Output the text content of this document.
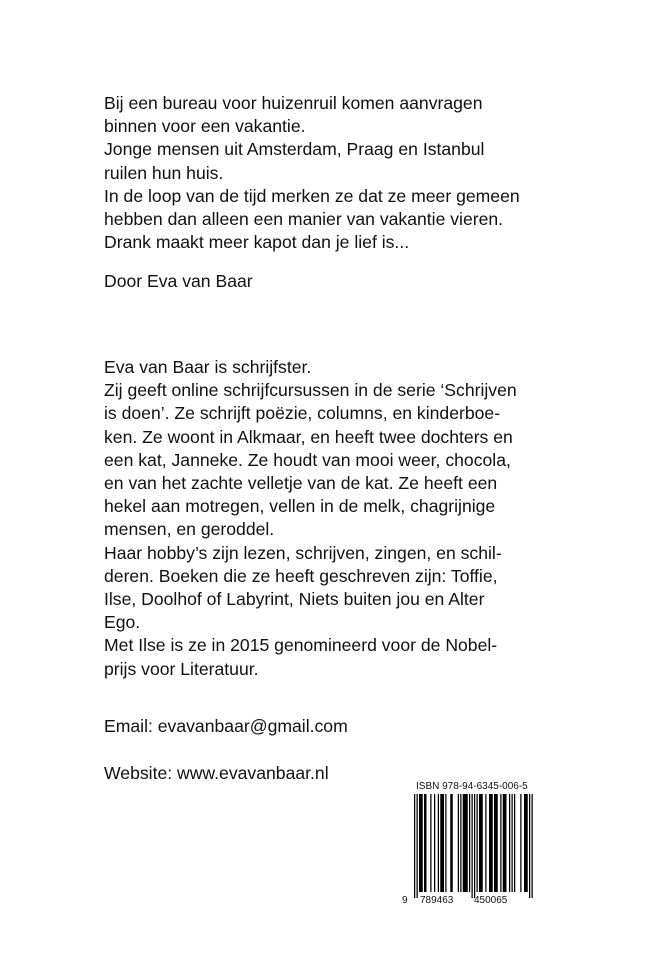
Bij een bureau voor huizenruil komen aanvragen
binnen voor een vakantie.
Jonge mensen uit Amsterdam, Praag en Istanbul
ruilen hun huis.
In de loop van de tijd merken ze dat ze meer gemeen
hebben dan alleen een manier van vakantie vieren.
Drank maakt meer kapot dan je lief is...
Door Eva van Baar
Eva van Baar is schrijfster.
Zij geeft online schrijfcursussen in de serie ‘Schrijven
is doen’. Ze schrijft poëzie, columns, en kinderboe-
ken. Ze woont in Alkmaar, en heeft twee dochters en
een kat, Janneke. Ze houdt van mooi weer, chocola,
en van het zachte velletje van de kat. Ze heeft een
hekel aan motregen, vellen in de melk, chagrijnige
mensen, en geroddel.
Haar hobby’s zijn lezen, schrijven, zingen, en schil-
deren. Boeken die ze heeft geschreven zijn: Toffie,
Ilse, Doolhof of Labyrint, Niets buiten jou en Alter
Ego.
Met Ilse is ze in 2015 genomineerd voor de Nobel-
prijs voor Literatuur.
Email: evavanbaar@gmail.com
Website: www.evavanbaar.nl
ISBN 978-94-6345-006-5
9 789463 450065
